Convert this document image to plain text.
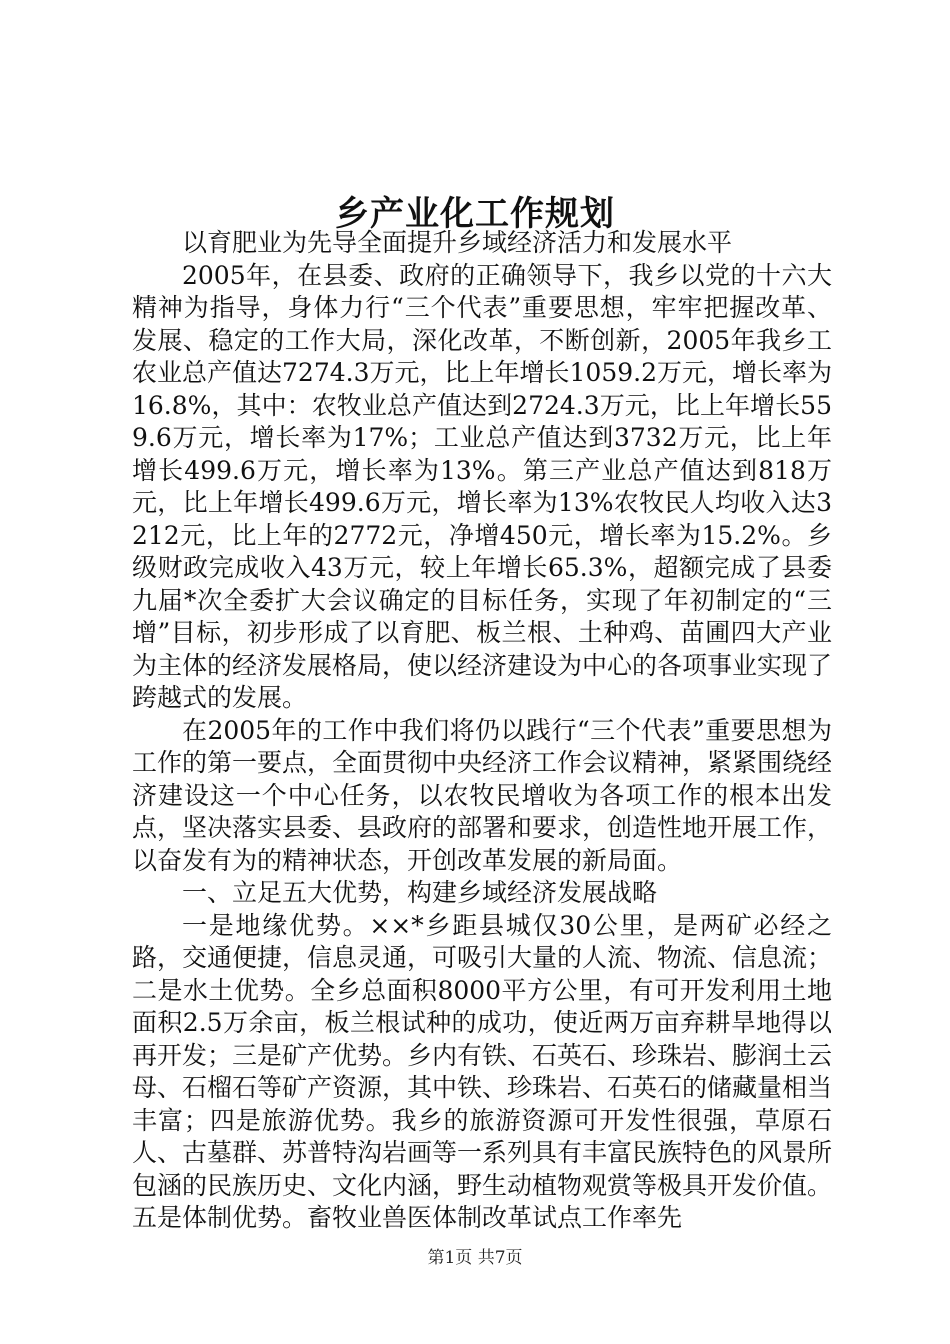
乡产业化工作规划

以育肥业为先导全面提升乡域经济活力和发展水平

2005年，在县委、政府的正确领导下，我乡以党的十六大精神为指导，身体力行“三个代表”重要思想，牢牢把握改革、发展、稳定的工作大局，深化改革，不断创新，2005年我乡工农业总产值达7274.3万元，比上年增长1059.2万元，增长率为16.8%，其中：农牧业总产值达到2724.3万元，比上年增长559.6万元，增长率为17%；工业总产值达到3732万元，比上年增长499.6万元，增长率为13%。第三产业总产值达到818万元，比上年增长499.6万元，增长率为13%农牧民人均收入达3212元，比上年的2772元，净增450元，增长率为15.2%。乡级财政完成收入43万元，较上年增长65.3%，超额完成了县委九届*次全委扩大会议确定的目标任务，实现了年初制定的“三增”目标，初步形成了以育肥、板兰根、土种鸡、苗圃四大产业为主体的经济发展格局，使以经济建设为中心的各项事业实现了跨越式的发展。

在2005年的工作中我们将仍以践行“三个代表”重要思想为工作的第一要点，全面贯彻中央经济工作会议精神，紧紧围绕经济建设这一个中心任务，以农牧民增收为各项工作的根本出发点，坚决落实县委、县政府的部署和要求，创造性地开展工作，以奋发有为的精神状态，开创改革发展的新局面。

一、立足五大优势，构建乡域经济发展战略

一是地缘优势。××*乡距县城仅30公里，是两矿必经之路，交通便捷，信息灵通，可吸引大量的人流、物流、信息流；二是水土优势。全乡总面积8000平方公里，有可开发利用土地面积2.5万余亩，板兰根试种的成功，使近两万亩弃耕旱地得以再开发；三是矿产优势。乡内有铁、石英石、珍珠岩、膨润土云母、石榴石等矿产资源，其中铁、珍珠岩、石英石的储藏量相当丰富；四是旅游优势。我乡的旅游资源可开发性很强，草原石人、古墓群、苏普特沟岩画等一系列具有丰富民族特色的风景所包涵的民族历史、文化内涵，野生动植物观赏等极具开发价值。五是体制优势。畜牧业兽医体制改革试点工作率先

第1页 共7页
